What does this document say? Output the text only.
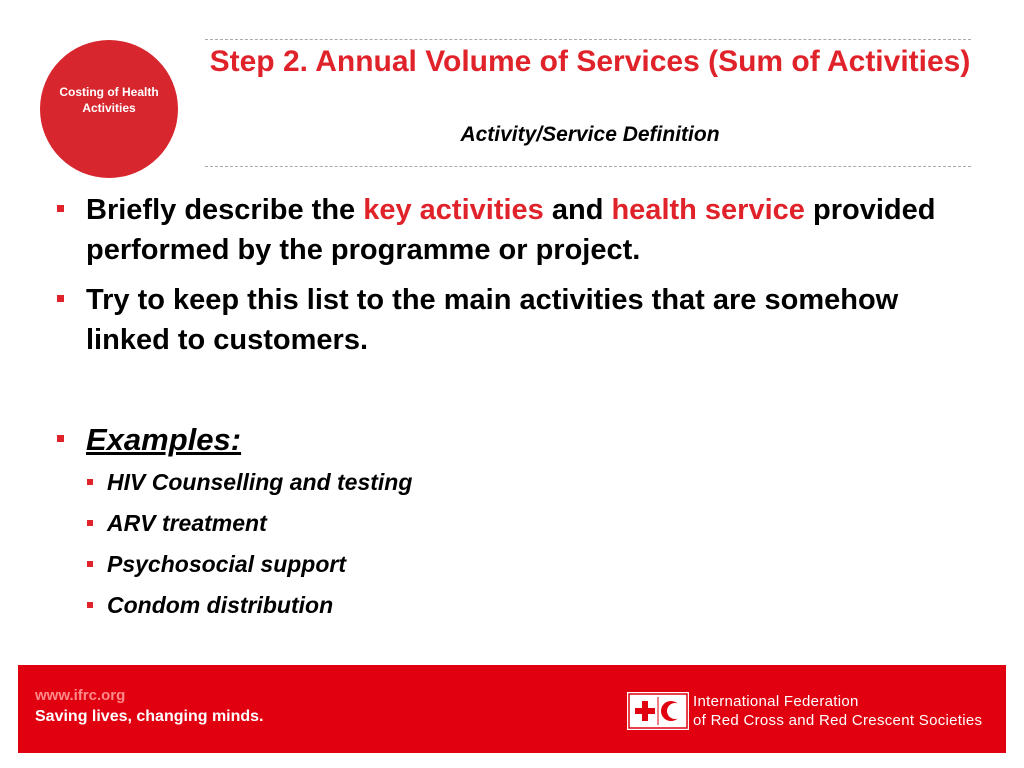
Costing of Health Activities
Step 2. Annual Volume of Services (Sum of Activities)
Activity/Service Definition
Briefly describe the key activities and health service provided performed by the programme or project.
Try to keep this list to the main activities that are somehow linked to customers.
Examples:
HIV Counselling and testing
ARV treatment
Psychosocial support
Condom distribution
www.ifrc.org
Saving lives, changing minds.
International Federation
of Red Cross and Red Crescent Societies
